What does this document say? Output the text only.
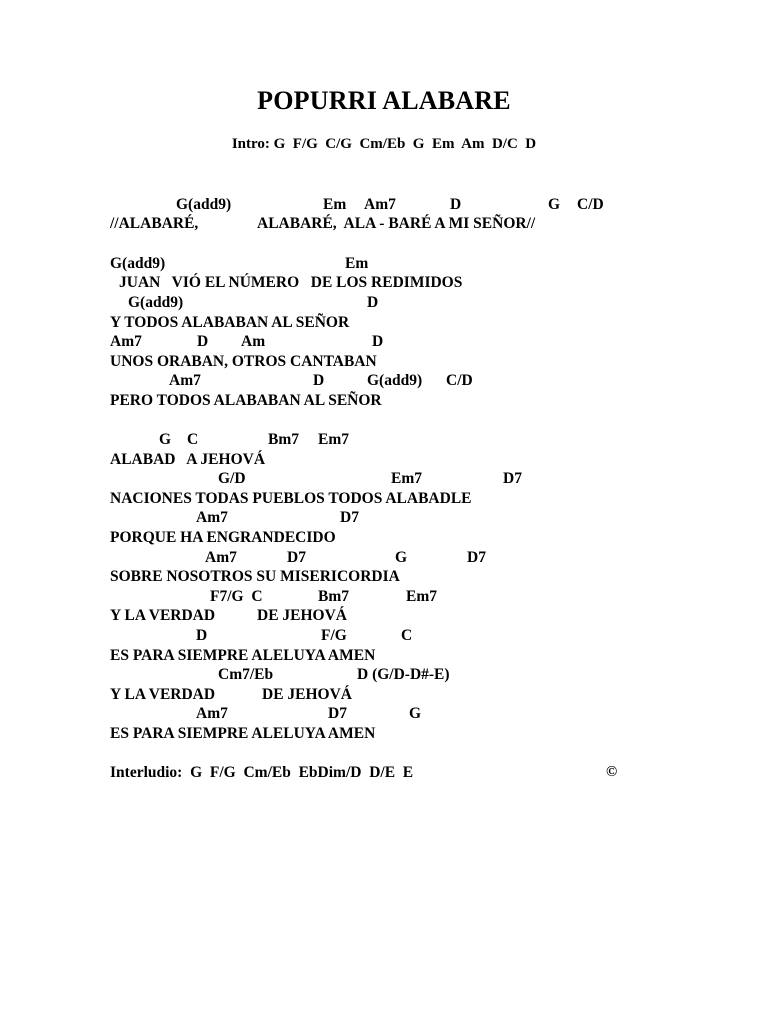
POPURRI ALABARE
Intro: G  F/G  C/G  Cm/Eb  G  Em  Am  D/C  D
G(add9)	Em Am7	D	G C/D
//ALABARÉ,	ALABARÉ,  ALA - BARÉ A MI SEÑOR//
G(add9)	Em
JUAN   VIÓ EL NÚMERO   DE LOS REDIMIDOS
G(add9)	D
Y TODOS ALABABAN AL SEÑOR
Am7	D Am	D
UNOS ORABAN, OTROS CANTABAN
Am7	D	G(add9) C/D
PERO TODOS ALABABAN AL SEÑOR
G C	Bm7 Em7
ALABAD   A JEHOVÁ
G/D	Em7	D7
NACIONES TODAS PUEBLOS TODOS ALABADLE
Am7	D7
PORQUE HA ENGRANDECIDO
Am7	D7	G	D7
SOBRE NOSOTROS SU MISERICORDIA
F7/G  C	Bm7	Em7
Y LA VERDAD	DE JEHOVÁ
D	F/G	C
ES PARA SIEMPRE ALELUYA AMEN
Cm7/Eb	D (G/D-D#-E)
Y LA VERDAD	DE JEHOVÁ
Am7	D7	G
ES PARA SIEMPRE ALELUYA AMEN
Interludio:  G  F/G  Cm/Eb  EbDim/D  D/E  E	©
